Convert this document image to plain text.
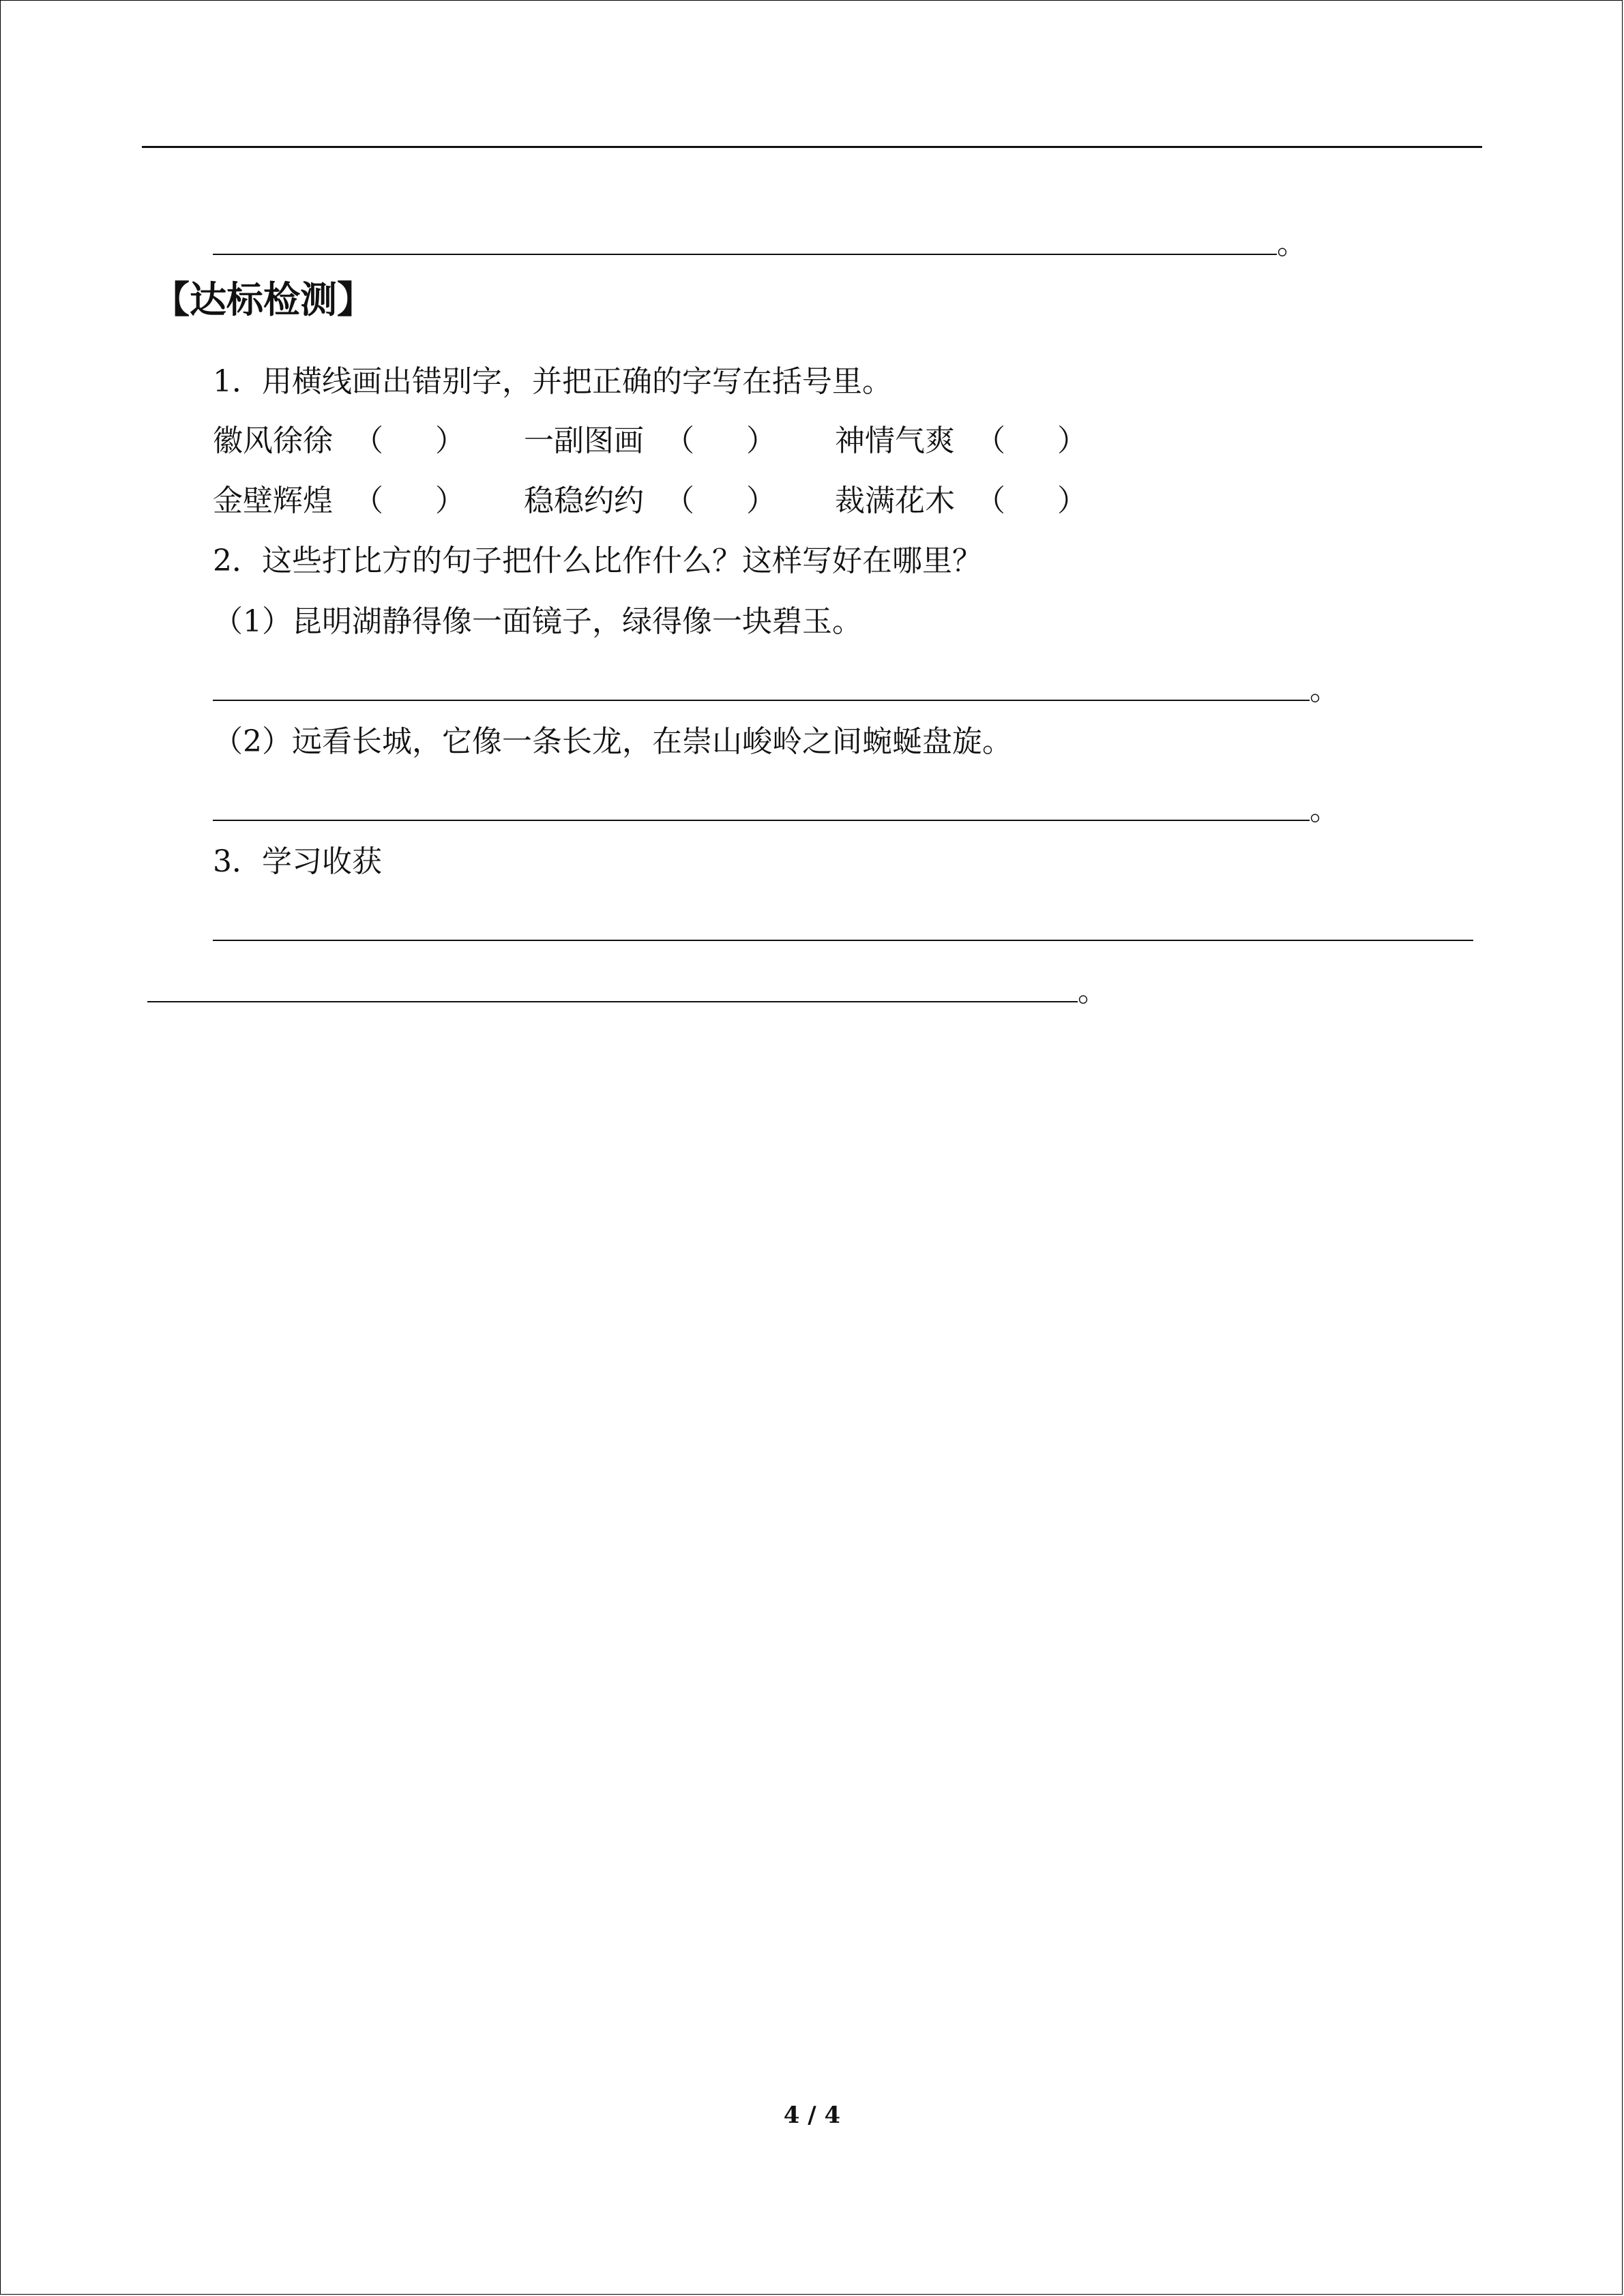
。
【达标检测】
1．用横线画出错别字，并把正确的字写在括号里。
徽风徐徐 （ ） 一副图画 （ ） 神情气爽 （ ）
金壁辉煌 （ ） 稳稳约约 （ ） 裁满花木 （ ）
2．这些打比方的句子把什么比作什么？这样写好在哪里？
（1）昆明湖静得像一面镜子，绿得像一块碧玉。
。
（2）远看长城，它像一条长龙，在崇山峻岭之间蜿蜒盘旋。
。
3．学习收获
。
4 / 4
